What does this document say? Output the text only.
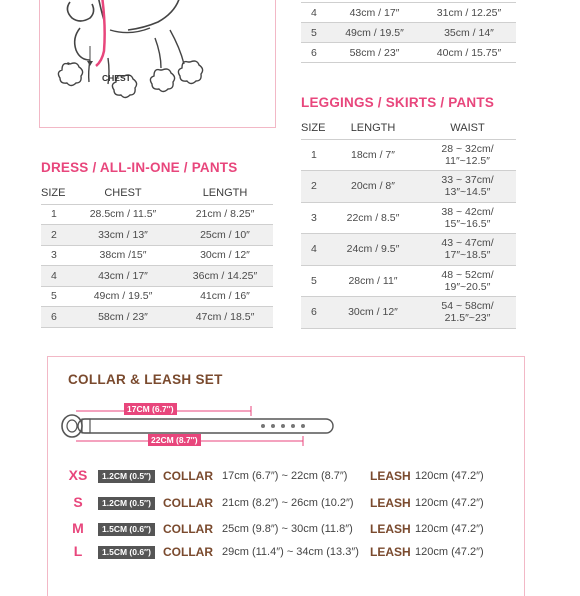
CHEST
4	43cm / 17″	31cm / 12.25″
5	49cm / 19.5″	35cm / 14″
6	58cm / 23″	40cm / 15.75″
LEGGINGS / SKIRTS / PANTS
SIZE	LENGTH	WAIST
1	18cm / 7″	28 ~ 32cm/
11″~12.5″

2	20cm / 8″	33 ~ 37cm/
13″~14.5″

3	22cm / 8.5″	38 ~ 42cm/
15″~16.5″

4	24cm / 9.5″	43 ~ 47cm/
17″~18.5″

5	28cm / 11″	48 ~ 52cm/
19″~20.5″

6	30cm / 12″	54 ~ 58cm/
21.5″~23″
DRESS / ALL-IN-ONE / PANTS
SIZE	CHEST	LENGTH
1	28.5cm / 11.5″	21cm / 8.25″
2	33cm / 13″	25cm / 10″
3	38cm /15″	30cm / 12″
4	43cm / 17″	36cm / 14.25″
5	49cm / 19.5″	41cm / 16″
6	58cm / 23″	47cm / 18.5″
COLLAR & LEASH SET
17CM (6.7″)
22CM (8.7″)
XS	1.2CM (0.5″)	COLLAR 17cm (6.7″) ~ 22cm (8.7″) LEASH 120cm (47.2″)
S	1.2CM (0.5″)	COLLAR 21cm (8.2″) ~ 26cm (10.2″) LEASH 120cm (47.2″)
M	1.5CM (0.6″)	COLLAR 25cm (9.8″) ~ 30cm (11.8″) LEASH 120cm (47.2″)
L	1.5CM (0.6″)	COLLAR 29cm (11.4″) ~ 34cm (13.3″) LEASH 120cm (47.2″)
